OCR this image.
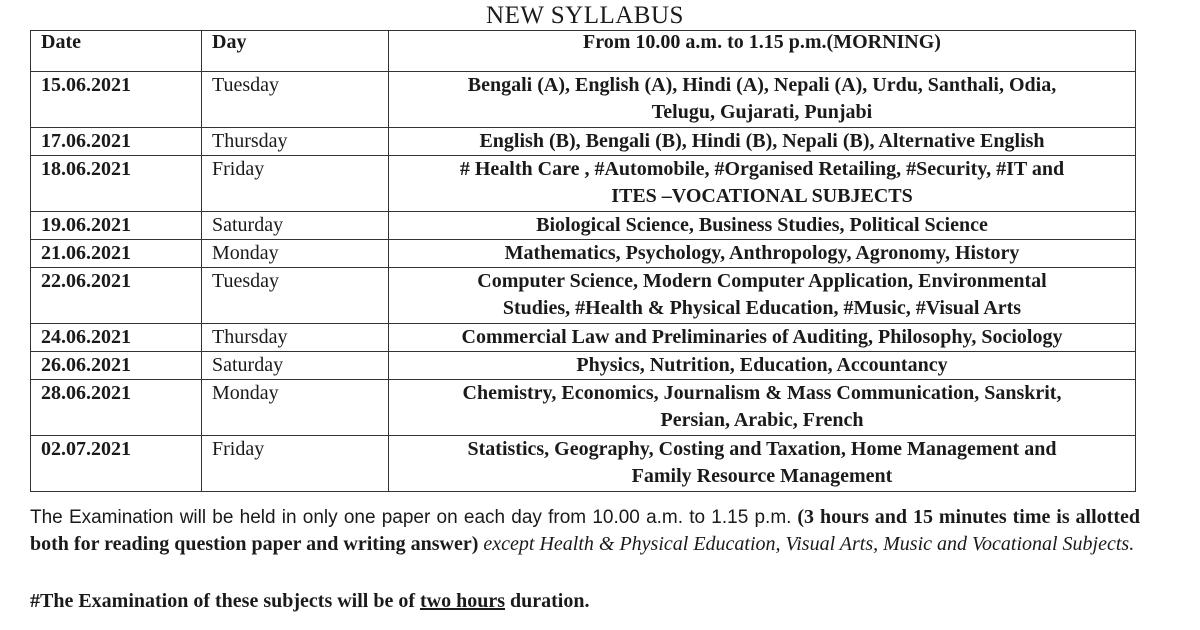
NEW SYLLABUS
Date	Day	From 10.00 a.m. to 1.15 p.m.(MORNING)
15.06.2021	Tuesday	Bengali (A), English (A), Hindi (A), Nepali (A), Urdu, Santhali, Odia,
Telugu, Gujarati, Punjabi

17.06.2021	Thursday	English (B), Bengali (B), Hindi (B), Nepali (B), Alternative English

18.06.2021	Friday	# Health Care , #Automobile, #Organised Retailing, #Security, #IT and
ITES –VOCATIONAL SUBJECTS

19.06.2021	Saturday	Biological Science, Business Studies, Political Science

21.06.2021	Monday	Mathematics, Psychology, Anthropology, Agronomy, History

22.06.2021	Tuesday	Computer Science, Modern Computer Application, Environmental
Studies, #Health & Physical Education, #Music, #Visual Arts

24.06.2021	Thursday	Commercial Law and Preliminaries of Auditing, Philosophy, Sociology

26.06.2021	Saturday	Physics, Nutrition, Education, Accountancy

28.06.2021	Monday	Chemistry, Economics, Journalism & Mass Communication, Sanskrit,
Persian, Arabic, French

02.07.2021	Friday	Statistics, Geography, Costing and Taxation, Home Management and
Family Resource Management
The Examination will be held in only one paper on each day from 10.00 a.m. to 1.15 p.m. (3 hours and 15 minutes time is allotted both for reading question paper and writing answer) except Health & Physical Education, Visual Arts, Music and Vocational Subjects.
#The Examination of these subjects will be of two hours duration.
